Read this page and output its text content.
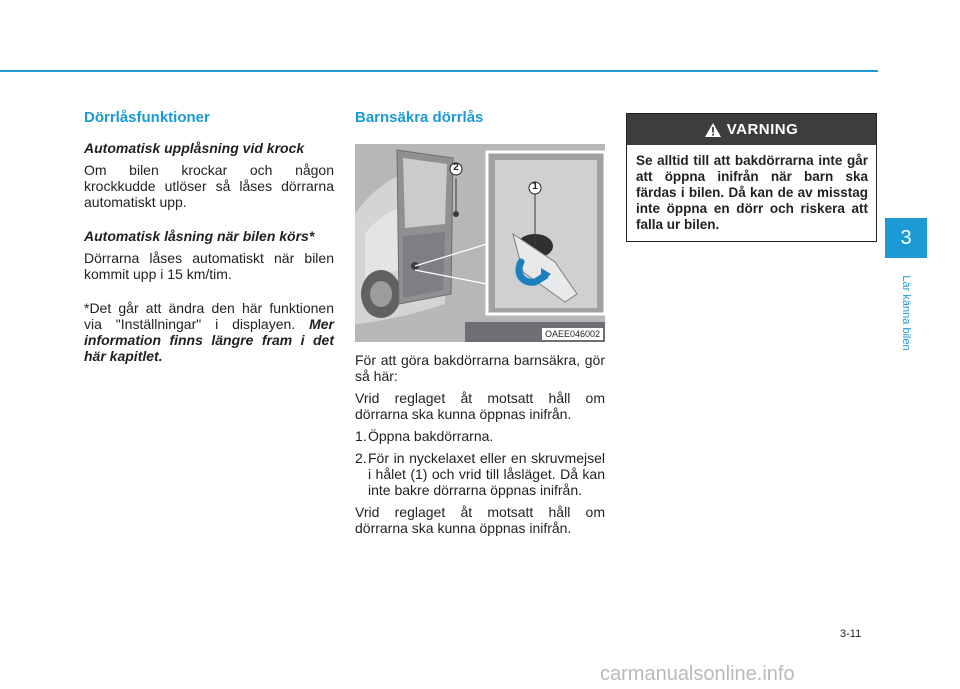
Dörrlåsfunktioner
Automatisk upplåsning vid krock
Om bilen krockar och någon krockkudde utlöser så låses dörrarna automatiskt upp.
Automatisk låsning när bilen körs*
Dörrarna låses automatiskt när bilen kommit upp i 15 km/tim.
*Det går att ändra den här funktionen via "Inställningar" i displayen. Mer information finns längre fram i det här kapitlet.
Barnsäkra dörrlås
1
2
OAEE046002
För att göra bakdörrarna barnsäkra, gör så här:
Vrid reglaget åt motsatt håll om dörrarna ska kunna öppnas inifrån.
1. Öppna bakdörrarna.
2. För in nyckelaxet eller en skruvmejsel i hålet (1) och vrid till låsläget. Då kan inte bakre dörrarna öppnas inifrån.
Vrid reglaget åt motsatt håll om dörrarna ska kunna öppnas inifrån.
VARNING
Se alltid till att bakdörrarna inte går att öppna inifrån när barn ska färdas i bilen. Då kan de av misstag inte öppna en dörr och riskera att falla ur bilen.
3
Lär känna bilen
3-11
carmanualsonline.info
